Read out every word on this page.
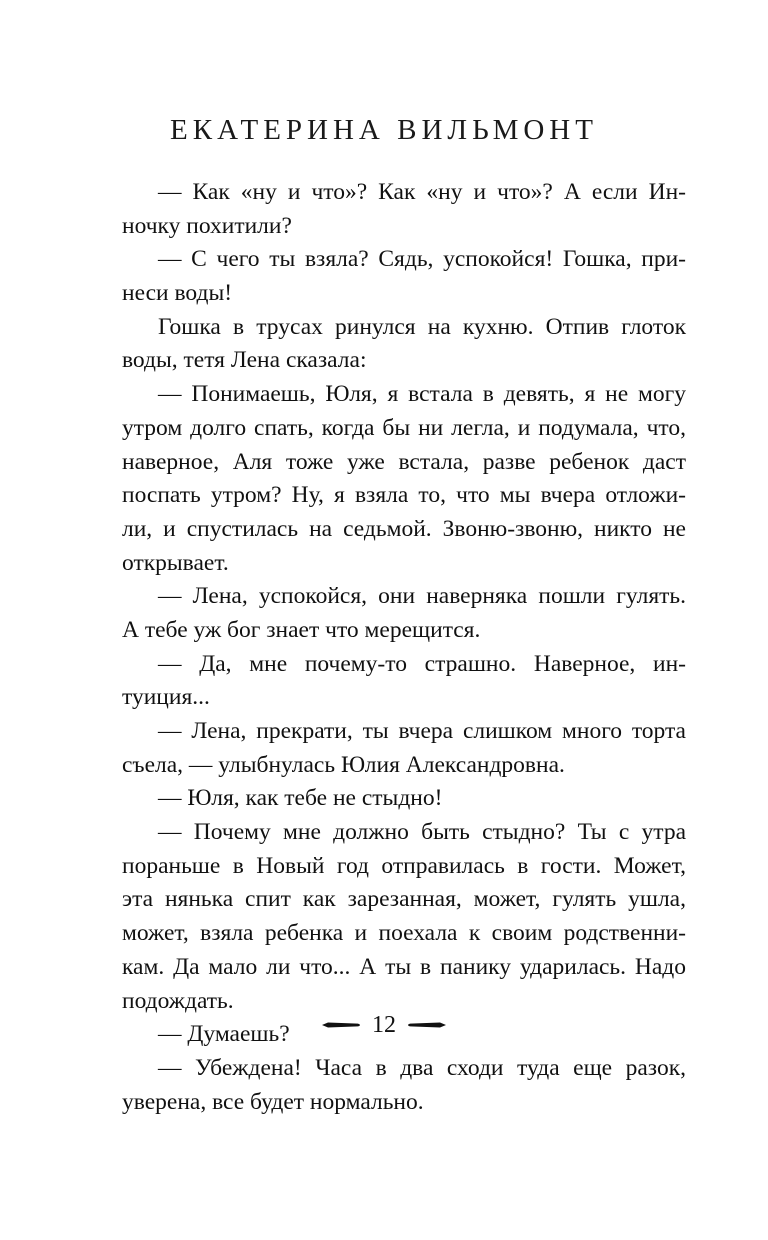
ЕКАТЕРИНА ВИЛЬМОНТ
— Как «ну и что»? Как «ну и что»? А если Ин-
ночку похитили?
— С чего ты взяла? Сядь, успокойся! Гошка, при-
неси воды!
Гошка в трусах ринулся на кухню. Отпив глоток
воды, тетя Лена сказала:
— Понимаешь, Юля, я встала в девять, я не могу
утром долго спать, когда бы ни легла, и подумала, что,
наверное, Аля тоже уже встала, разве ребенок даст
поспать утром? Ну, я взяла то, что мы вчера отложи-
ли, и спустилась на седьмой. Звоню-звоню, никто не
открывает.
— Лена, успокойся, они наверняка пошли гулять.
А тебе уж бог знает что мерещится.
— Да, мне почему-то страшно. Наверное, ин-
туиция...
— Лена, прекрати, ты вчера слишком много торта
съела, — улыбнулась Юлия Александровна.
— Юля, как тебе не стыдно!
— Почему мне должно быть стыдно? Ты с утра
пораньше в Новый год отправилась в гости. Может,
эта нянька спит как зарезанная, может, гулять ушла,
может, взяла ребенка и поехала к своим родственни-
кам. Да мало ли что... А ты в панику ударилась. Надо
подождать.
— Думаешь?
— Убеждена! Часа в два сходи туда еще разок,
уверена, все будет нормально.
12
